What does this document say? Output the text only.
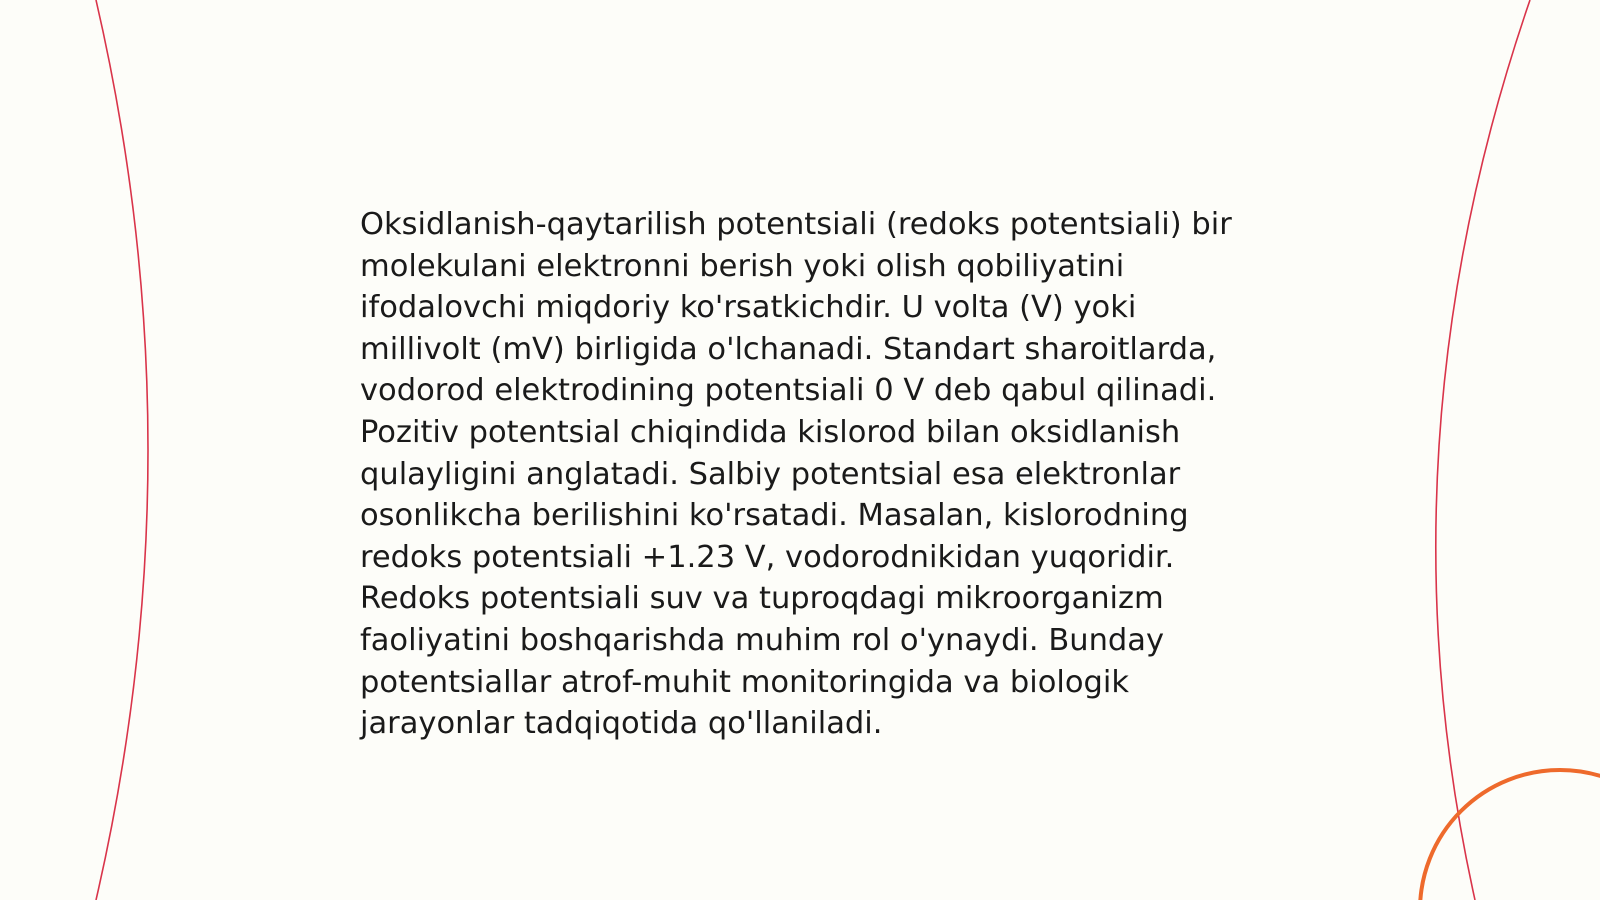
Oksidlanish-qaytarilish potentsiali (redoks potentsiali) bir molekulani elektronni berish yoki olish qobiliyatini ifodalovchi miqdoriy ko'rsatkichdir. U volta (V) yoki millivolt (mV) birligida o'lchanadi. Standart sharoitlarda, vodorod elektrodining potentsiali 0 V deb qabul qilinadi. Pozitiv potentsial chiqindida kislorod bilan oksidlanish qulayligini anglatadi. Salbiy potentsial esa elektronlar osonlikcha berilishini ko'rsatadi. Masalan, kislorodning redoks potentsiali +1.23 V, vodorodnikidan yuqoridir. Redoks potentsiali suv va tuproqdagi mikroorganizm faoliyatini boshqarishda muhim rol o'ynaydi. Bunday potentsiallar atrof-muhit monitoringida va biologik jarayonlar tadqiqotida qo'llaniladi.
